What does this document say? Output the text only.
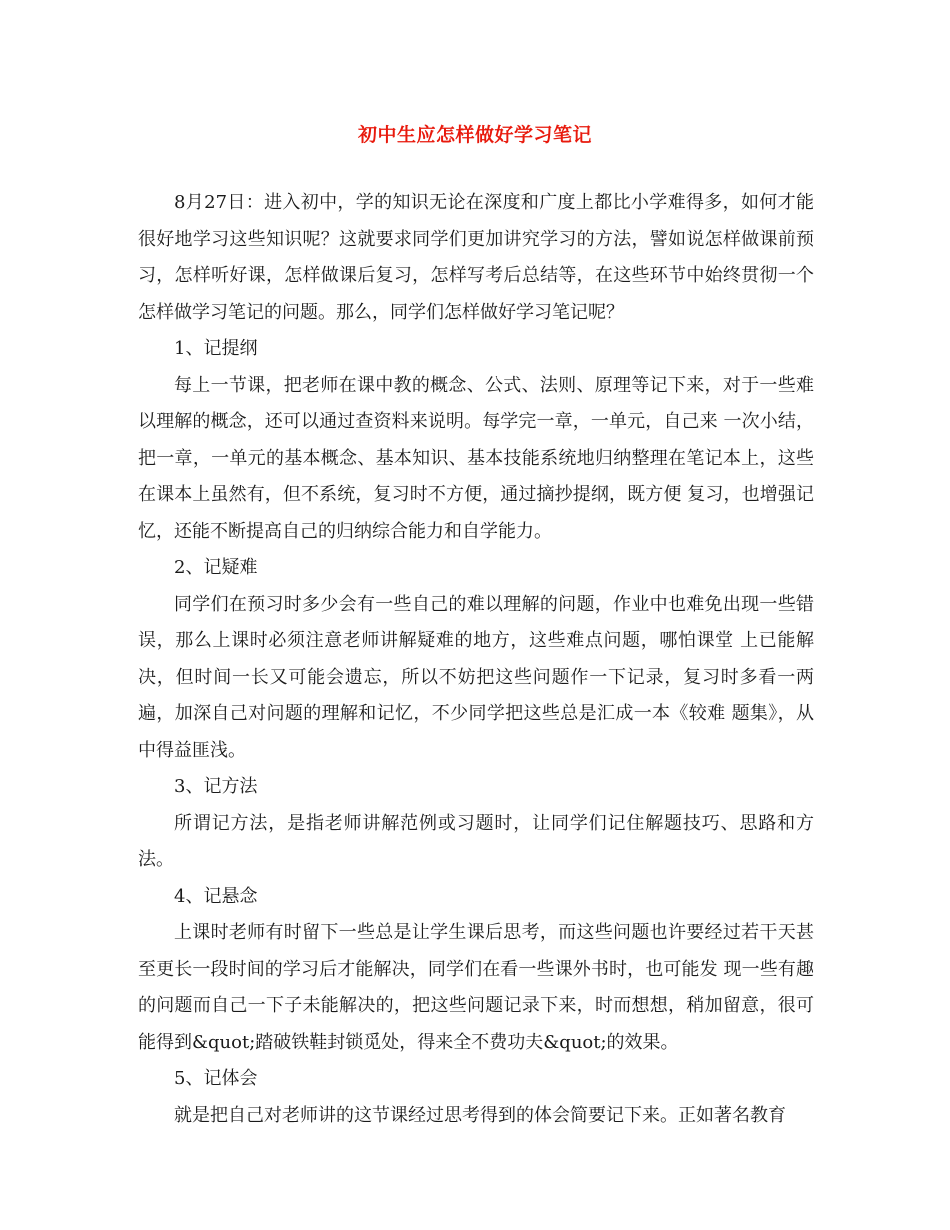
初中生应怎样做好学习笔记

8月27日：进入初中，学的知识无论在深度和广度上都比小学难得多，如何才能很好地学习这些知识呢？这就要求同学们更加讲究学习的方法，譬如说怎样做课前预 习，怎样听好课，怎样做课后复习，怎样写考后总结等，在这些环节中始终贯彻一个怎样做学习笔记的问题。那么，同学们怎样做好学习笔记呢？

1、记提纲

每上一节课，把老师在课中教的概念、公式、法则、原理等记下来，对于一些难以理解的概念，还可以通过查资料来说明。每学完一章，一单元，自己来 一次小结，把一章，一单元的基本概念、基本知识、基本技能系统地归纳整理在笔记本上，这些在课本上虽然有，但不系统，复习时不方便，通过摘抄提纲，既方便 复习，也增强记忆，还能不断提高自己的归纳综合能力和自学能力。

2、记疑难

同学们在预习时多少会有一些自己的难以理解的问题，作业中也难免出现一些错误，那么上课时必须注意老师讲解疑难的地方，这些难点问题，哪怕课堂 上已能解决，但时间一长又可能会遗忘，所以不妨把这些问题作一下记录，复习时多看一两遍，加深自己对问题的理解和记忆，不少同学把这些总是汇成一本《较难 题集》，从中得益匪浅。

3、记方法

所谓记方法，是指老师讲解范例或习题时，让同学们记住解题技巧、思路和方法。

4、记悬念

上课时老师有时留下一些总是让学生课后思考，而这些问题也许要经过若干天甚至更长一段时间的学习后才能解决，同学们在看一些课外书时，也可能发 现一些有趣的问题而自己一下子未能解决的，把这些问题记录下来，时而想想，稍加留意，很可能得到&quot;踏破铁鞋封锁觅处，得来全不费功夫&quot;的效果。

5、记体会

就是把自己对老师讲的这节课经过思考得到的体会简要记下来。正如著名教育
